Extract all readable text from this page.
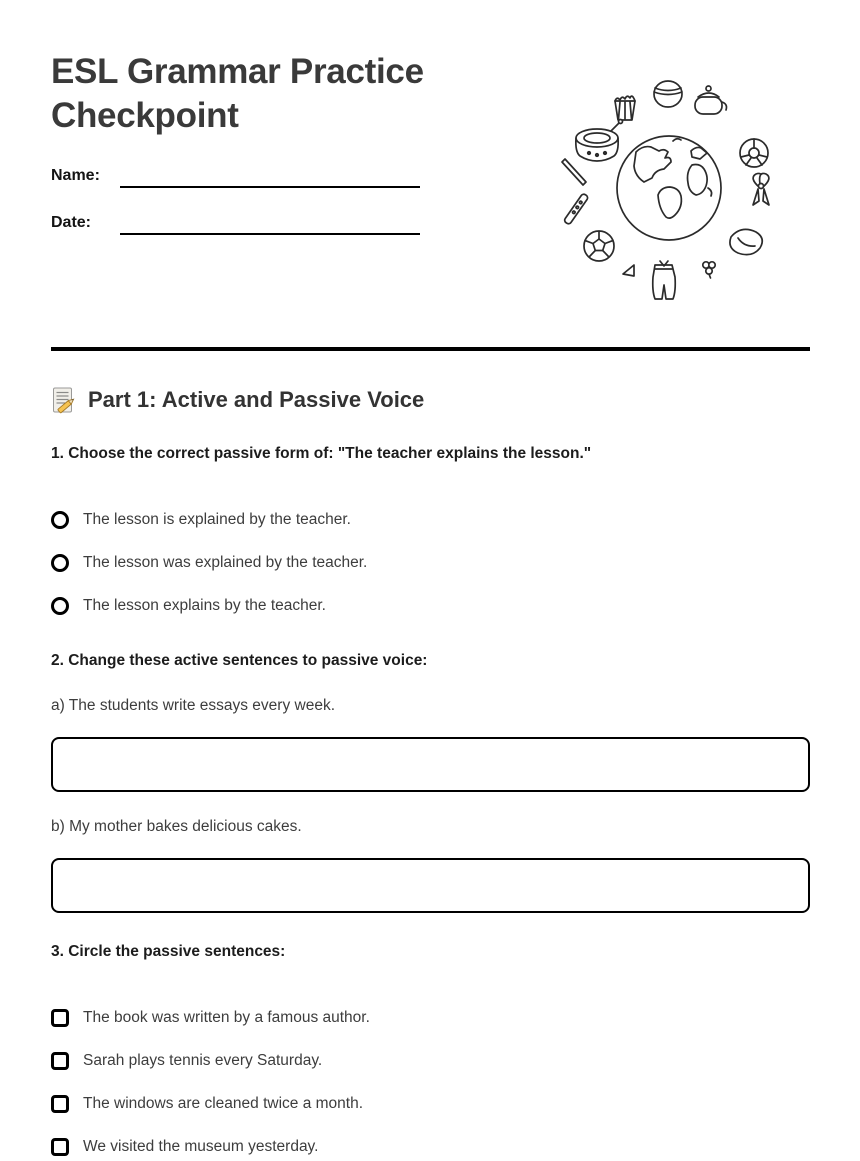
ESL Grammar Practice Checkpoint
Name:
Date:
Part 1: Active and Passive Voice
1. Choose the correct passive form of: "The teacher explains the lesson."
The lesson is explained by the teacher.
The lesson was explained by the teacher.
The lesson explains by the teacher.
2. Change these active sentences to passive voice:
a) The students write essays every week.
b) My mother bakes delicious cakes.
3. Circle the passive sentences:
The book was written by a famous author.
Sarah plays tennis every Saturday.
The windows are cleaned twice a month.
We visited the museum yesterday.
